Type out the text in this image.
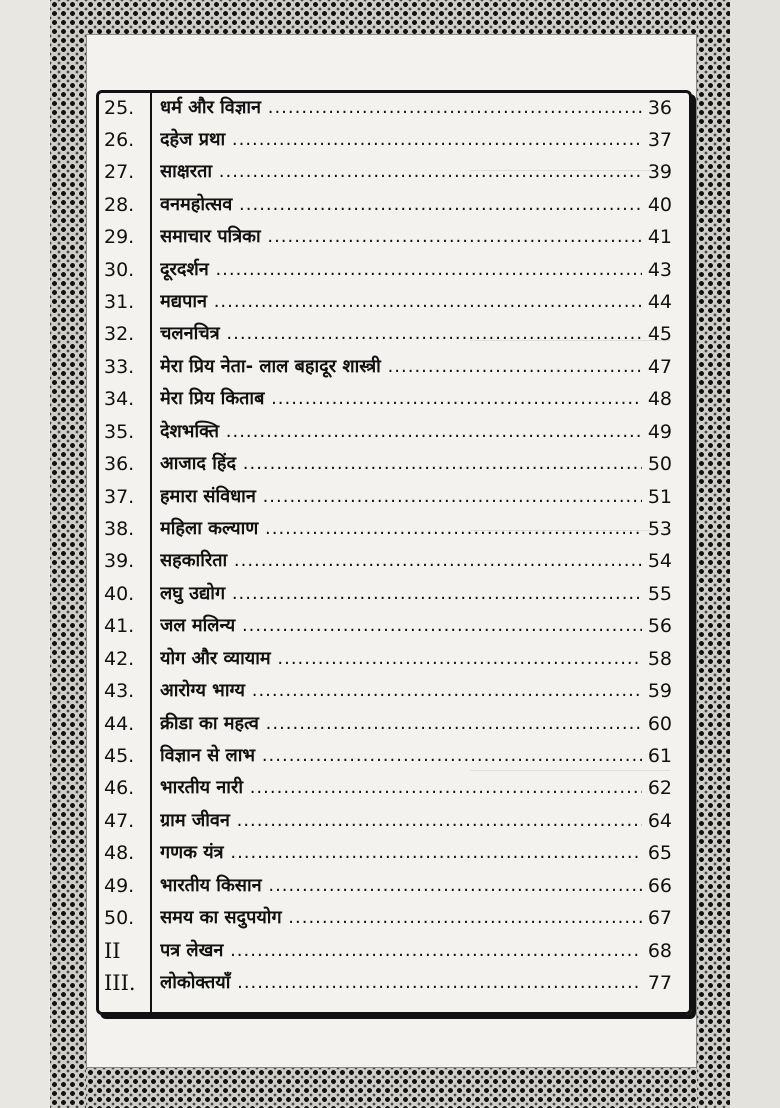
25.	धर्म और विज्ञान .....	36
26.	दहेज प्रथा .....	37
27.	साक्षरता .....	39
28.	वनमहोत्सव .....	40
29.	समाचार पत्रिका .....	41
30.	दूरदर्शन .....	43
31.	मद्यपान .....	44
32.	चलनचित्र .....	45
33.	मेरा प्रिय नेता- लाल बहादूर शास्त्री .....	47
34.	मेरा प्रिय किताब .....	48
35.	देशभक्ति .....	49
36.	आजाद हिंद .....	50
37.	हमारा संविधान .....	51
38.	महिला कल्याण .....	53
39.	सहकारिता .....	54
40.	लघु उद्योग .....	55
41.	जल मलिन्य .....	56
42.	योग और व्यायाम .....	58
43.	आरोग्य भाग्य .....	59
44.	क्रीडा का महत्व .....	60
45.	विज्ञान से लाभ .....	61
46.	भारतीय नारी .....	62
47.	ग्राम जीवन .....	64
48.	गणक यंत्र .....	65
49.	भारतीय किसान .....	66
50.	समय का सदुपयोग .....	67
II	पत्र लेखन .....	68
III.	लोकोक्तयाँ .....	77
